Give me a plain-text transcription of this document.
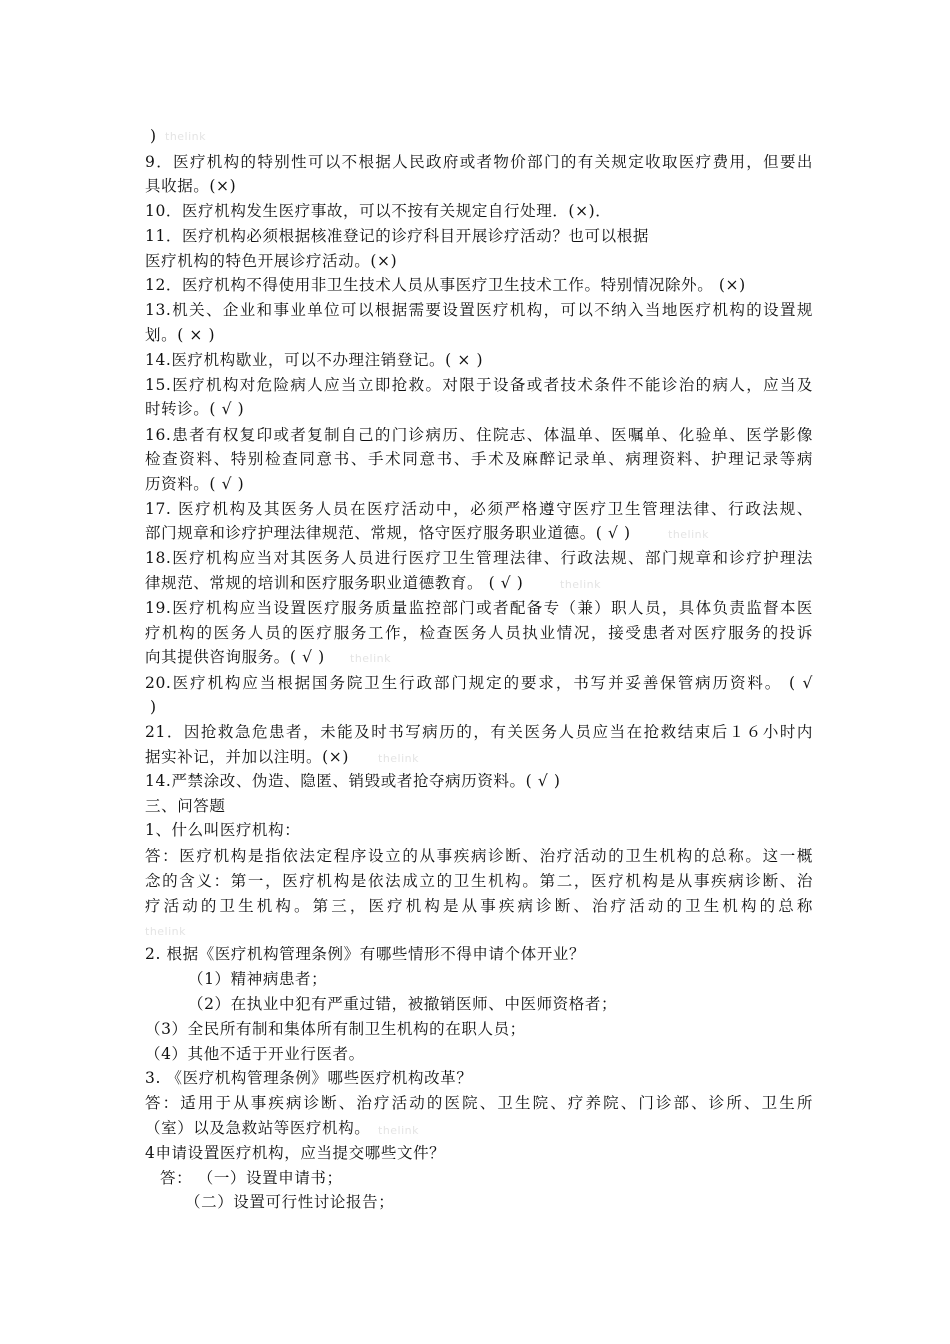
)
9．医疗机构的特别性可以不根据人民政府或者物价部门的有关规定收取医疗费用，但要出
具收据。(×)
10．医疗机构发生医疗事故，可以不按有关规定自行处理．(×)．
11．医疗机构必须根据核准登记的诊疗科目开展诊疗活动？也可以根据
医疗机构的特色开展诊疗活动。(×)
12．医疗机构不得使用非卫生技术人员从事医疗卫生技术工作。特别情况除外。 (×)
13.机关、企业和事业单位可以根据需要设置医疗机构，可以不纳入当地医疗机构的设置规
划。( × )
14.医疗机构歇业，可以不办理注销登记。( × )
15.医疗机构对危险病人应当立即抢救。对限于设备或者技术条件不能诊治的病人，应当及
时转诊。( √ )
16.患者有权复印或者复制自己的门诊病历、住院志、体温单、医嘱单、化验单、医学影像
检查资料、特别检查同意书、手术同意书、手术及麻醉记录单、病理资料、护理记录等病
历资料。( √ )
17. 医疗机构及其医务人员在医疗活动中，必须严格遵守医疗卫生管理法律、行政法规、
部门规章和诊疗护理法律规范、常规，恪守医疗服务职业道德。( √ )
18.医疗机构应当对其医务人员进行医疗卫生管理法律、行政法规、部门规章和诊疗护理法
律规范、常规的培训和医疗服务职业道德教育。 ( √ )
19.医疗机构应当设置医疗服务质量监控部门或者配备专（兼）职人员，具体负责监督本医
疗机构的医务人员的医疗服务工作，检查医务人员执业情况，接受患者对医疗服务的投诉
向其提供咨询服务。( √ )
20.医疗机构应当根据国务院卫生行政部门规定的要求，书写并妥善保管病历资料。 ( √
)
21．因抢救急危患者，未能及时书写病历的，有关医务人员应当在抢救结束后１６小时内
据实补记，并加以注明。(×)
14.严禁涂改、伪造、隐匿、销毁或者抢夺病历资料。( √ )
三、问答题
1、什么叫医疗机构：
答：医疗机构是指依法定程序设立的从事疾病诊断、治疗活动的卫生机构的总称。这一概
念的含义：第一，医疗机构是依法成立的卫生机构。第二，医疗机构是从事疾病诊断、治
疗活动的卫生机构。第三，医疗机构是从事疾病诊断、治疗活动的卫生机构的总称
2. 根据《医疗机构管理条例》有哪些情形不得申请个体开业？
（1）精神病患者；
（2）在执业中犯有严重过错，被撤销医师、中医师资格者；
（3）全民所有制和集体所有制卫生机构的在职人员；
（4）其他不适于开业行医者。
3. 《医疗机构管理条例》哪些医疗机构改革？
答：适用于从事疾病诊断、治疗活动的医院、卫生院、疗养院、门诊部、诊所、卫生所
（室）以及急救站等医疗机构。
4申请设置医疗机构，应当提交哪些文件？
答： （一）设置申请书；
（二）设置可行性讨论报告；
thelink
thelink
thelink
thelink
thelink
thelink
thelink
